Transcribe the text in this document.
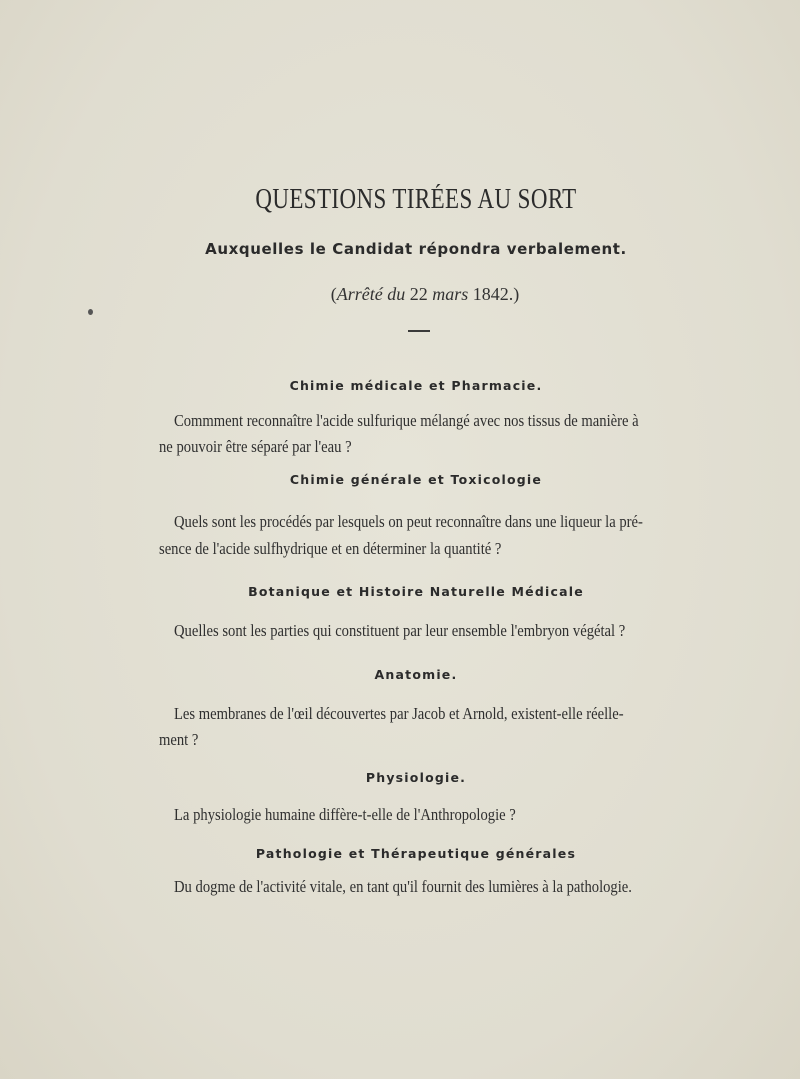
QUESTIONS TIRÉES AU SORT
Auxquelles le Candidat répondra verbalement.
(Arrêté du 22 mars 1842.)
Chimie médicale et Pharmacie.
Commment reconnaître l'acide sulfurique mélangé avec nos tissus de manière à
ne pouvoir être séparé par l'eau ?
Chimie générale et Toxicologie
Quels sont les procédés par lesquels on peut reconnaître dans une liqueur la pré-
sence de l'acide sulfhydrique et en déterminer la quantité ?
Botanique et Histoire Naturelle Médicale
Quelles sont les parties qui constituent par leur ensemble l'embryon végétal ?
Anatomie.
Les membranes de l'œil découvertes par Jacob et Arnold, existent-elle réelle-
ment ?
Physiologie.
La physiologie humaine diffère-t-elle de l'Anthropologie ?
Pathologie et Thérapeutique générales
Du dogme de l'activité vitale, en tant qu'il fournit des lumières à la pathologie.
